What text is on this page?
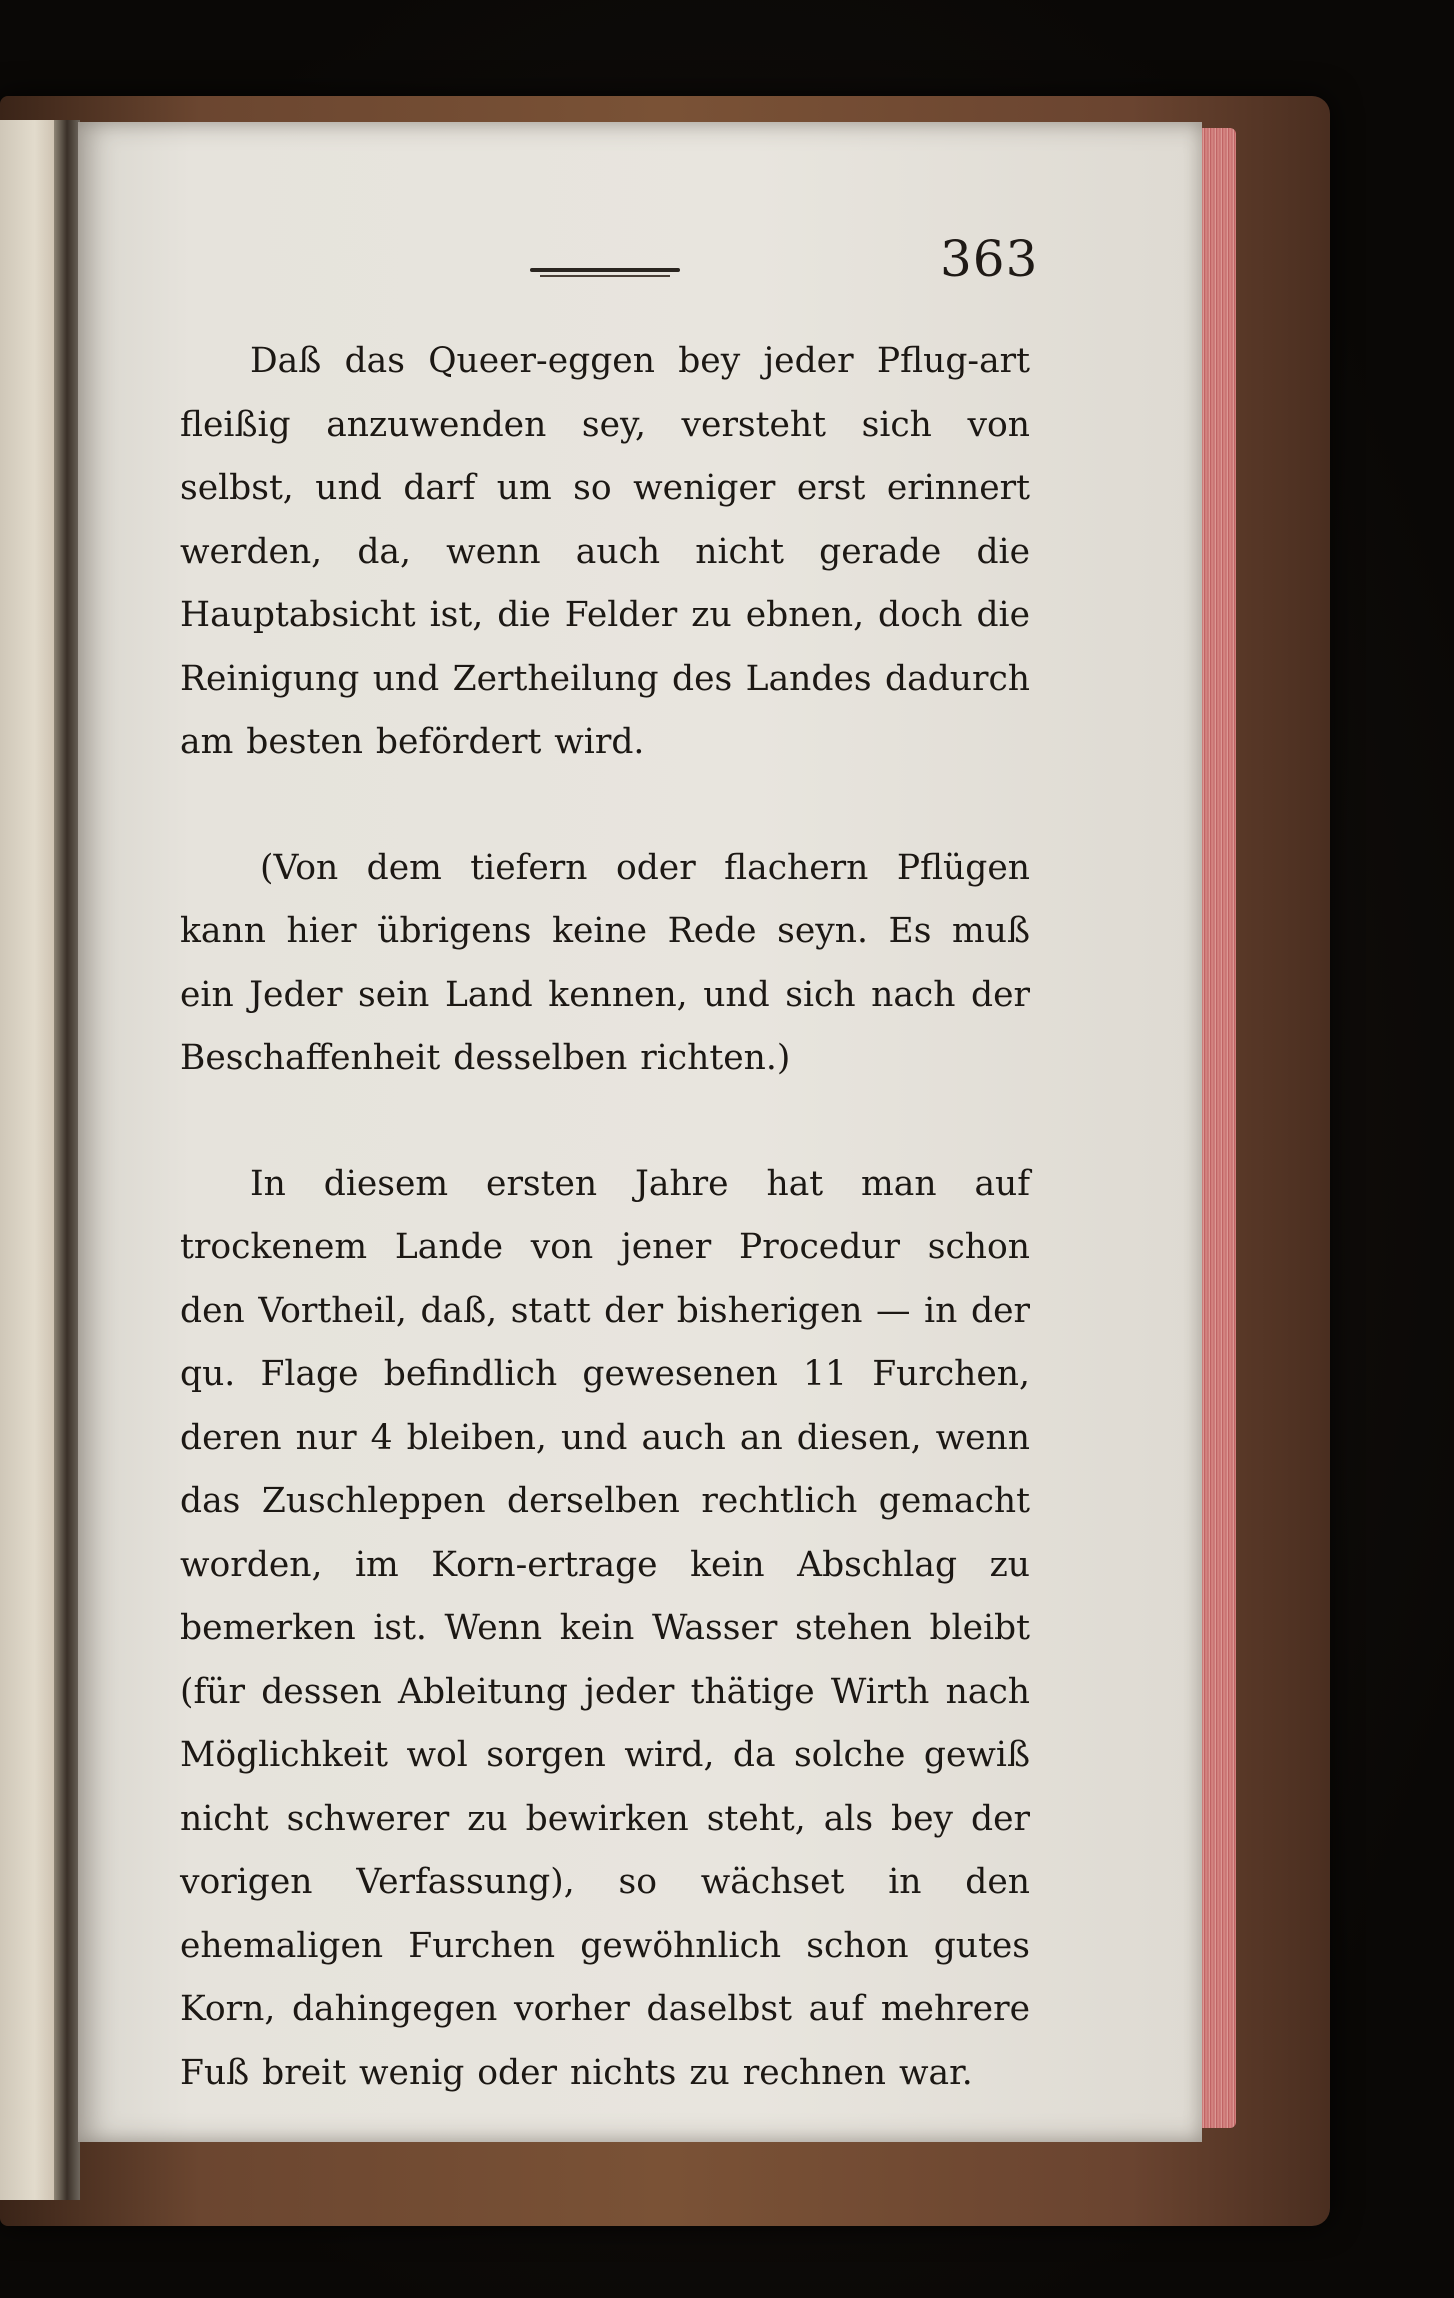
363

Daß das Queer-eggen bey jeder Pflug-art fleißig anzuwenden sey, versteht sich von selbst, und darf um so weniger erst erinnert werden, da, wenn auch nicht gerade die Hauptabsicht ist, die Felder zu ebnen, doch die Reinigung und Zertheilung des Landes dadurch am besten befördert wird.

(Von dem tiefern oder flachern Pflügen kann hier übrigens keine Rede seyn. Es muß ein Jeder sein Land kennen, und sich nach der Beschaffenheit desselben richten.)

In diesem ersten Jahre hat man auf trockenem Lande von jener Procedur schon den Vortheil, daß, statt der bisherigen — in der qu. Flage befindlich gewesenen 11 Furchen, deren nur 4 bleiben, und auch an diesen, wenn das Zuschleppen derselben rechtlich gemacht worden, im Korn-ertrage kein Abschlag zu bemerken ist. Wenn kein Wasser stehen bleibt (für dessen Ableitung jeder thätige Wirth nach Möglichkeit wol sorgen wird, da solche gewiß nicht schwerer zu bewirken steht, als bey der vorigen Verfassung), so wächset in den ehemaligen Furchen gewöhnlich schon gutes Korn, dahingegen vorher daselbst auf mehrere Fuß breit wenig oder nichts zu rechnen war.
